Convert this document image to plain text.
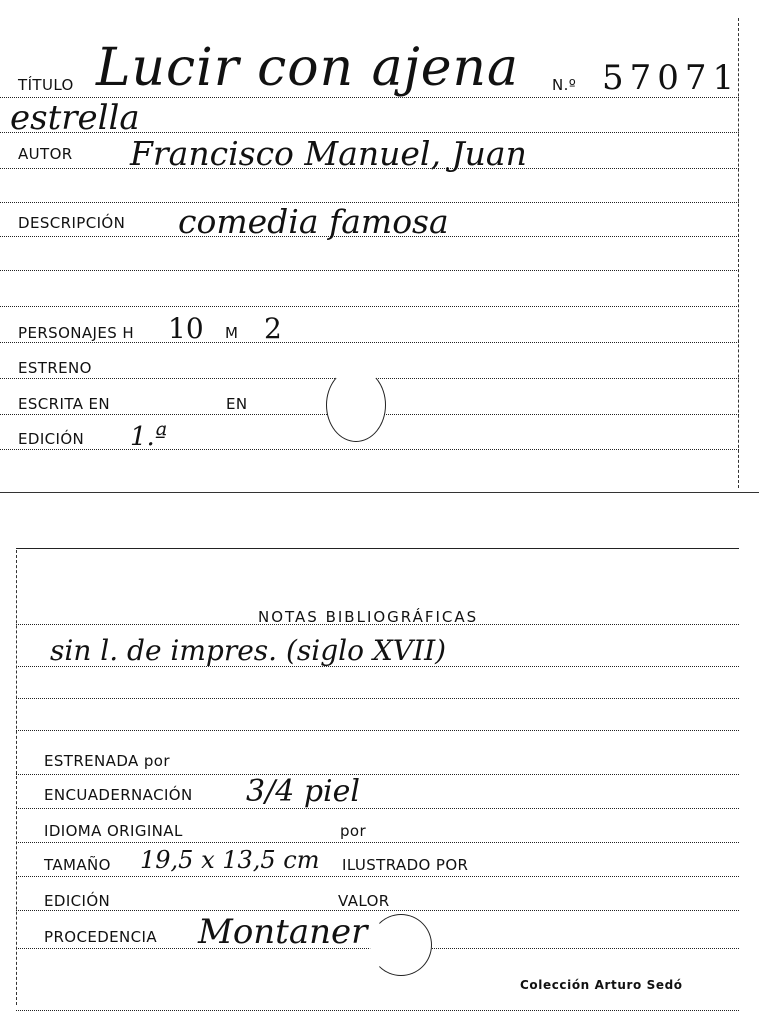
TÍTULO Lucir con ajena N.º 57071
estrella
AUTOR Francisco Manuel, Juan
DESCRIPCIÓN comedia famosa
PERSONAJES H 10 M 2
ESTRENO
ESCRITA EN	EN
EDICIÓN 1.ª
NOTAS BIBLIOGRÁFICAS
sin l. de impres. (siglo XVII)
ESTRENADA por
ENCUADERNACIÓN 3/4 piel
IDIOMA ORIGINAL	por
TAMAÑO 19,5 x 13,5 cm ILUSTRADO POR
EDICIÓN	VALOR
PROCEDENCIA Montaner
Colección Arturo Sedó
